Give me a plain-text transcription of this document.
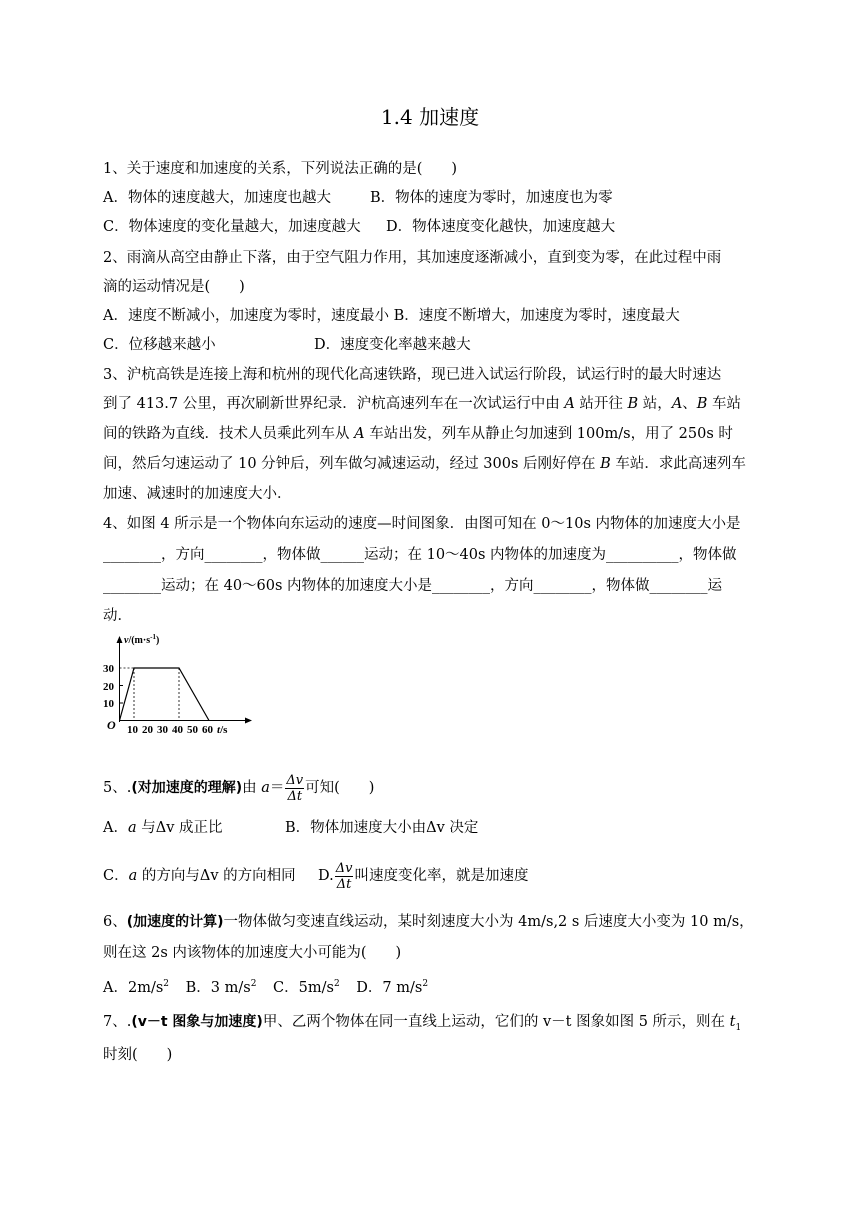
1.4 加速度
1、关于速度和加速度的关系，下列说法正确的是(　　)
A．物体的速度越大，加速度也越大	B．物体的速度为零时，加速度也为零
C．物体速度的变化量越大，加速度越大 D．物体速度变化越快，加速度越大
2、雨滴从高空由静止下落，由于空气阻力作用，其加速度逐渐减小，直到变为零，在此过程中雨
滴的运动情况是(　　)
A．速度不断减小，加速度为零时，速度最小 B．速度不断增大，加速度为零时，速度最大
C．位移越来越小	D．速度变化率越来越大
3、沪杭高铁是连接上海和杭州的现代化高速铁路，现已进入试运行阶段，试运行时的最大时速达
到了 413.7 公里，再次刷新世界纪录．沪杭高速列车在一次试运行中由 A 站开往 B 站，A、B 车站
间的铁路为直线．技术人员乘此列车从 A 车站出发，列车从静止匀加速到 100m/s，用了 250s 时
间，然后匀速运动了 10 分钟后，列车做匀减速运动，经过 300s 后刚好停在 B 车站．求此高速列车
加速、减速时的加速度大小．
4、如图 4 所示是一个物体向东运动的速度—时间图象．由图可知在 0～10s 内物体的加速度大小是
________，方向________，物体做______运动；在 10～40s 内物体的加速度为__________，物体做
________运动；在 40～60s 内物体的加速度大小是________，方向________，物体做________运
动．
$v/(m\cdot s^{-1})$
30
20
10
O 10 20 30 40 50 60 t/s
5、.(对加速度的理解)由 $a= \frac{\Delta v}{\Delta t}$ 可知(　　)
A．a 与Δv 成正比	B．物体加速度大小由Δv 决定
C．a 的方向与Δv 的方向相同 D. $\frac{\Delta v}{\Delta t}$ 叫速度变化率，就是加速度
6、(加速度的计算)一物体做匀变速直线运动，某时刻速度大小为 4m/s,2 s 后速度大小变为 10 m/s，
则在这 2s 内该物体的加速度大小可能为(　　)
A．$2m/s^2$ B．3 $m/s^2$ C．$5m/s^2$ D．7 $m/s^2$
7、.(v－t 图象与加速度)甲、乙两个物体在同一直线上运动，它们的 v－t 图象如图 5 所示，则在 $t_1$
时刻(　　)
